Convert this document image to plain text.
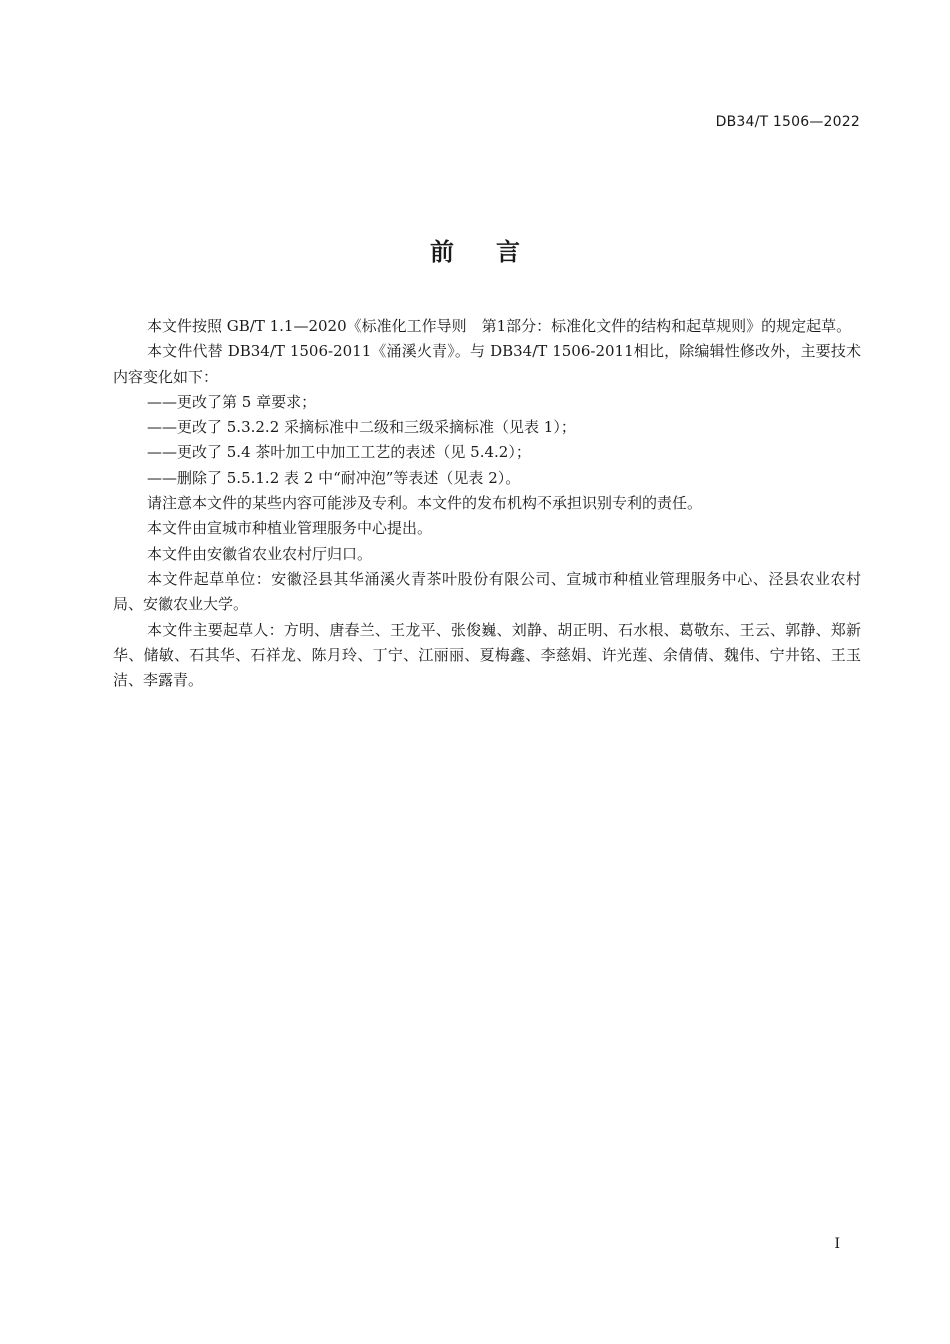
DB34/T 1506—2022
前言

本文件按照 GB/T 1.1—2020《标准化工作导则　第1部分：标准化文件的结构和起草规则》的规定起草。

本文件代替 DB34/T 1506-2011《涌溪火青》。与 DB34/T 1506-2011相比，除编辑性修改外，主要技术内容变化如下：

——更改了第 5 章要求；

——更改了 5.3.2.2 采摘标准中二级和三级采摘标准（见表 1）；

——更改了 5.4 茶叶加工中加工工艺的表述（见 5.4.2）；

——删除了 5.5.1.2 表 2 中“耐冲泡”等表述（见表 2）。

请注意本文件的某些内容可能涉及专利。本文件的发布机构不承担识别专利的责任。

本文件由宣城市种植业管理服务中心提出。

本文件由安徽省农业农村厅归口。

本文件起草单位：安徽泾县其华涌溪火青茶叶股份有限公司、宣城市种植业管理服务中心、泾县农业农村局、安徽农业大学。

本文件主要起草人：方明、唐春兰、王龙平、张俊巍、刘静、胡正明、石水根、葛敬东、王云、郭静、郑新华、储敏、石其华、石祥龙、陈月玲、丁宁、江丽丽、夏梅鑫、李慈娟、许光莲、余倩倩、魏伟、宁井铭、王玉洁、李露青。

I
